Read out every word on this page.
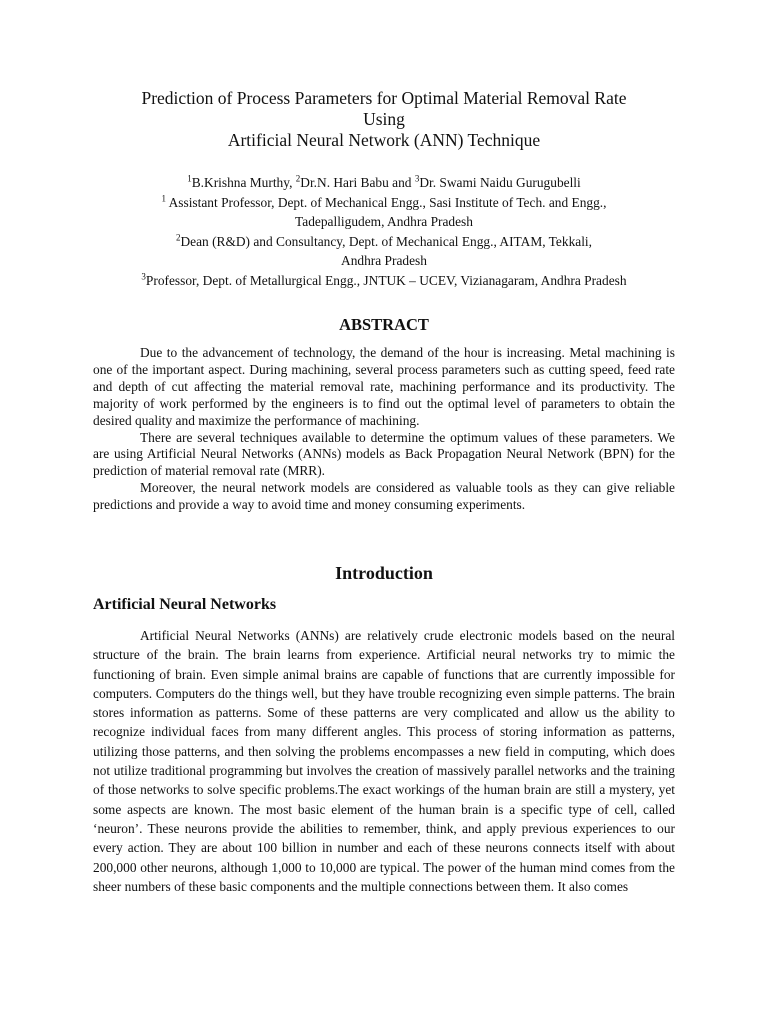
Prediction of Process Parameters for Optimal Material Removal Rate
Using
Artificial Neural Network (ANN) Technique
$^1$B.Krishna Murthy, $^2$Dr.N. Hari Babu and $^3$Dr. Swami Naidu Gurugubelli
$^1$ Assistant Professor, Dept. of Mechanical Engg., Sasi Institute of Tech. and Engg.,
Tadepalligudem, Andhra Pradesh
$^2$Dean (R&D) and Consultancy, Dept. of Mechanical Engg., AITAM, Tekkali,
Andhra Pradesh
$^3$Professor, Dept. of Metallurgical Engg., JNTUK – UCEV, Vizianagaram, Andhra Pradesh
ABSTRACT

Due to the advancement of technology, the demand of the hour is increasing. Metal machining is one of the important aspect. During machining, several process parameters such as cutting speed, feed rate and depth of cut affecting the material removal rate, machining performance and its productivity. The majority of work performed by the engineers is to find out the optimal level of parameters to obtain the desired quality and maximize the performance of machining.

There are several techniques available to determine the optimum values of these parameters. We are using Artificial Neural Networks (ANNs) models as Back Propagation Neural Network (BPN) for the prediction of material removal rate (MRR).

Moreover, the neural network models are considered as valuable tools as they can give reliable predictions and provide a way to avoid time and money consuming experiments.

Introduction
Artificial Neural Networks

Artificial Neural Networks (ANNs) are relatively crude electronic models based on the neural structure of the brain. The brain learns from experience. Artificial neural networks try to mimic the functioning of brain. Even simple animal brains are capable of functions that are currently impossible for computers. Computers do the things well, but they have trouble recognizing even simple patterns. The brain stores information as patterns. Some of these patterns are very complicated and allow us the ability to recognize individual faces from many different angles. This process of storing information as patterns, utilizing those patterns, and then solving the problems encompasses a new field in computing, which does not utilize traditional programming but involves the creation of massively parallel networks and the training of those networks to solve specific problems.The exact workings of the human brain are still a mystery, yet some aspects are known. The most basic element of the human brain is a specific type of cell, called ‘neuron’. These neurons provide the abilities to remember, think, and apply previous experiences to our every action. They are about 100 billion in number and each of these neurons connects itself with about 200,000 other neurons, although 1,000 to 10,000 are typical. The power of the human mind comes from the sheer numbers of these basic components and the multiple connections between them. It also comes
